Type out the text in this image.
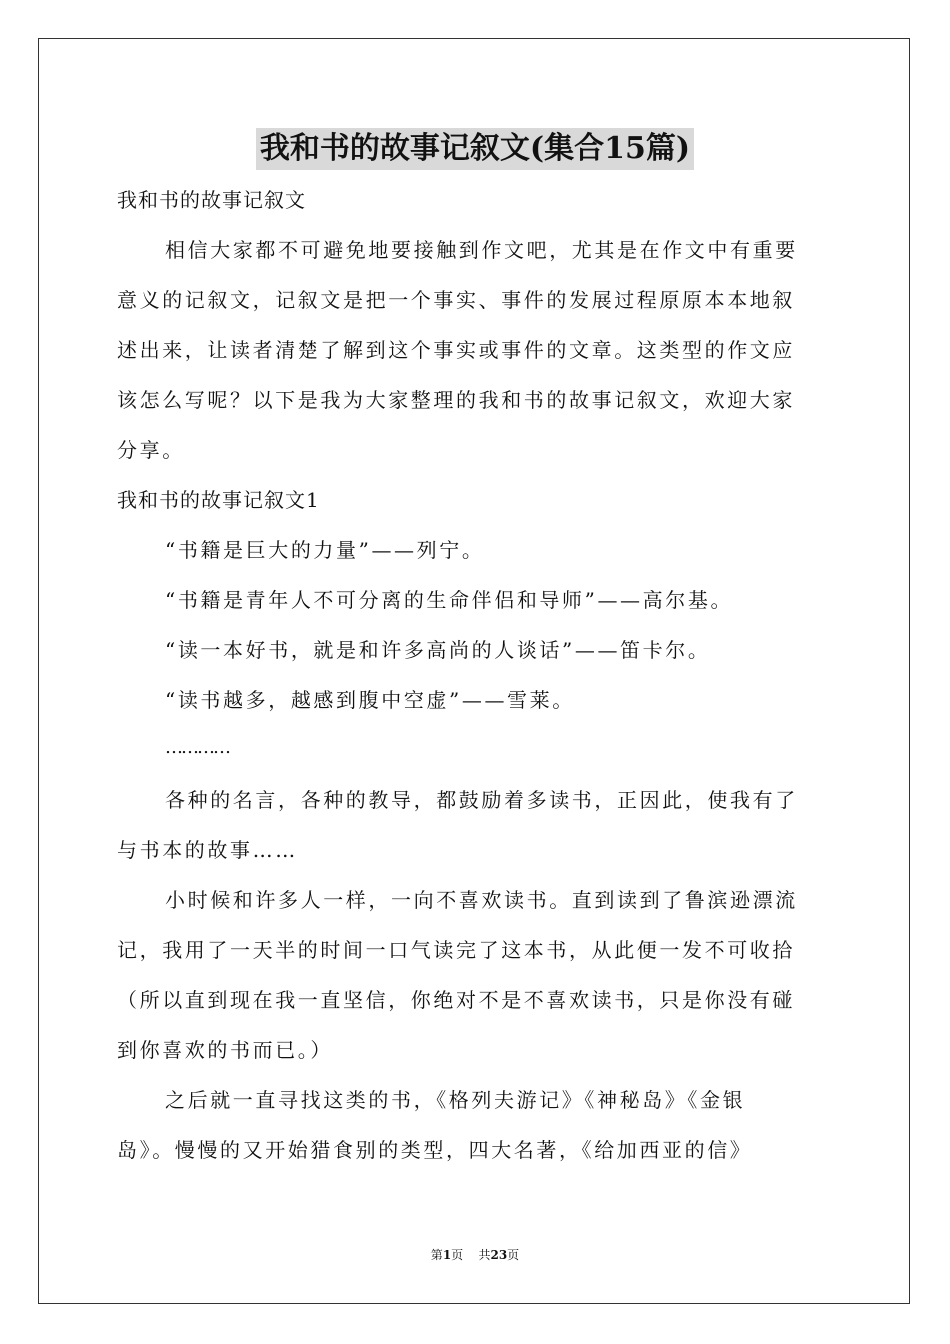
我和书的故事记叙文(集合15篇)
我和书的故事记叙文
相信大家都不可避免地要接触到作文吧，尤其是在作文中有重要
意义的记叙文，记叙文是把一个事实、事件的发展过程原原本本地叙
述出来，让读者清楚了解到这个事实或事件的文章。这类型的作文应
该怎么写呢？以下是我为大家整理的我和书的故事记叙文，欢迎大家
分享。
我和书的故事记叙文1
“书籍是巨大的力量”——列宁。
“书籍是青年人不可分离的生命伴侣和导师”——高尔基。
“读一本好书，就是和许多高尚的人谈话”——笛卡尔。
“读书越多，越感到腹中空虚”——雪莱。
…………
各种的名言，各种的教导，都鼓励着多读书，正因此，使我有了
与书本的故事……
小时候和许多人一样，一向不喜欢读书。直到读到了鲁滨逊漂流
记，我用了一天半的时间一口气读完了这本书，从此便一发不可收拾
（所以直到现在我一直坚信，你绝对不是不喜欢读书，只是你没有碰
到你喜欢的书而已。）
之后就一直寻找这类的书，《格列夫游记》《神秘岛》《金银
岛》。慢慢的又开始猎食别的类型，四大名著，《给加西亚的信》
第1页 共23页
